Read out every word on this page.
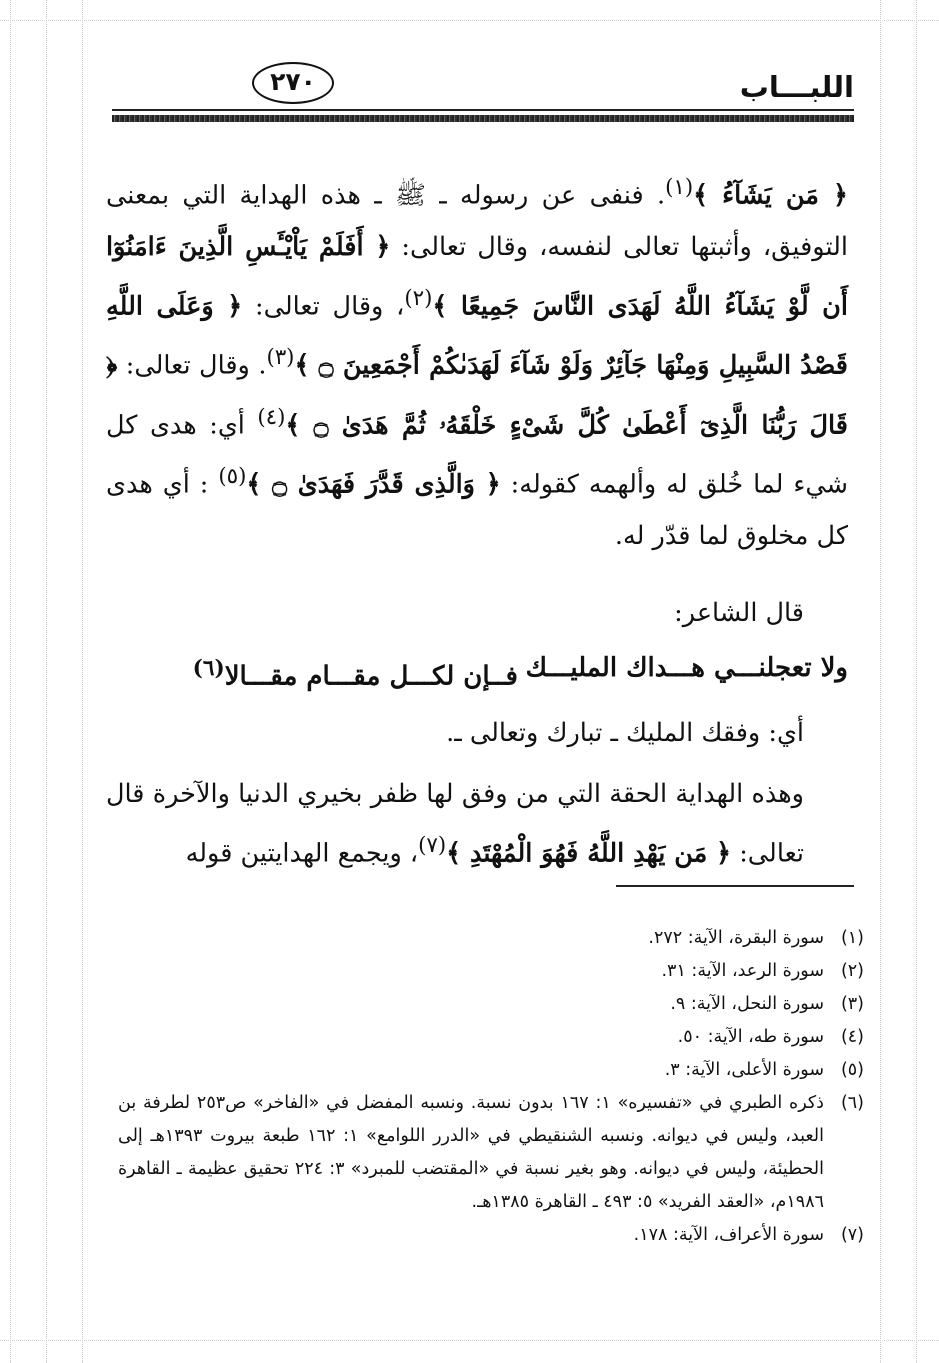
اللبـــاب
٢٧٠

﴿ مَن يَشَآءُ ﴾$^{(١)}$. فنفى عن رسوله ـ ﷺ ـ هذه الهداية التي بمعنى التوفيق، وأثبتها تعالى لنفسه، وقال تعالى: ﴿ أَفَلَمْ يَاْيْـَٔسِ الَّذِينَ ءَامَنُوٓا أَن لَّوْ يَشَآءُ اللَّهُ لَهَدَى النَّاسَ جَمِيعًا ﴾$^{(٢)}$، وقال تعالى: ﴿ وَعَلَى اللَّهِ قَصْدُ السَّبِيلِ وَمِنْهَا جَآئِرٌ وَلَوْ شَآءَ لَهَدَىٰكُمْ أَجْمَعِينَ ۝ ﴾$^{(٣)}$. وقال تعالى: ﴿ قَالَ رَبُّنَا الَّذِىٓ أَعْطَىٰ كُلَّ شَىْءٍ خَلْقَهُۥ ثُمَّ هَدَىٰ ۝ ﴾$^{(٤)}$ أي: هدى كل شيء لما خُلق له وألهمه كقوله: ﴿ وَالَّذِى قَدَّرَ فَهَدَىٰ ۝ ﴾$^{(٥)}$ : أي هدى كل مخلوق لما قدّر له.

قال الشاعر:

ولا تعجلنـــي هـــداك المليـــك
فــإن لكـــل مقـــام مقـــالا$^{(٦)}$

أي: وفقك المليك ـ تبارك وتعالى ـ.

وهذه الهداية الحقة التي من وفق لها ظفر بخيري الدنيا والآخرة قال تعالى: ﴿ مَن يَهْدِ اللَّهُ فَهُوَ الْمُهْتَدِ ﴾$^{(٧)}$، ويجمع الهدايتين قوله

(١)
سورة البقرة، الآية: ٢٧٢.
(٢)
سورة الرعد، الآية: ٣١.
(٣)
سورة النحل، الآية: ٩.
(٤)
سورة طه، الآية: ٥٠.
(٥)
سورة الأعلى، الآية: ٣.
(٦)
ذكره الطبري في «تفسيره» ١: ١٦٧ بدون نسبة. ونسبه المفضل في «الفاخر» ص٢٥٣ لطرفة بن العبد، وليس في ديوانه. ونسبه الشنقيطي في «الدرر اللوامع» ١: ١٦٢ طبعة بيروت ١٣٩٣هـ إلى الحطيئة، وليس في ديوانه. وهو بغير نسبة في «المقتضب للمبرد» ٣: ٢٢٤ تحقيق عظيمة ـ القاهرة ١٩٨٦م، «العقد الفريد» ٥: ٤٩٣ ـ القاهرة ١٣٨٥هـ.
(٧)
سورة الأعراف، الآية: ١٧٨.
